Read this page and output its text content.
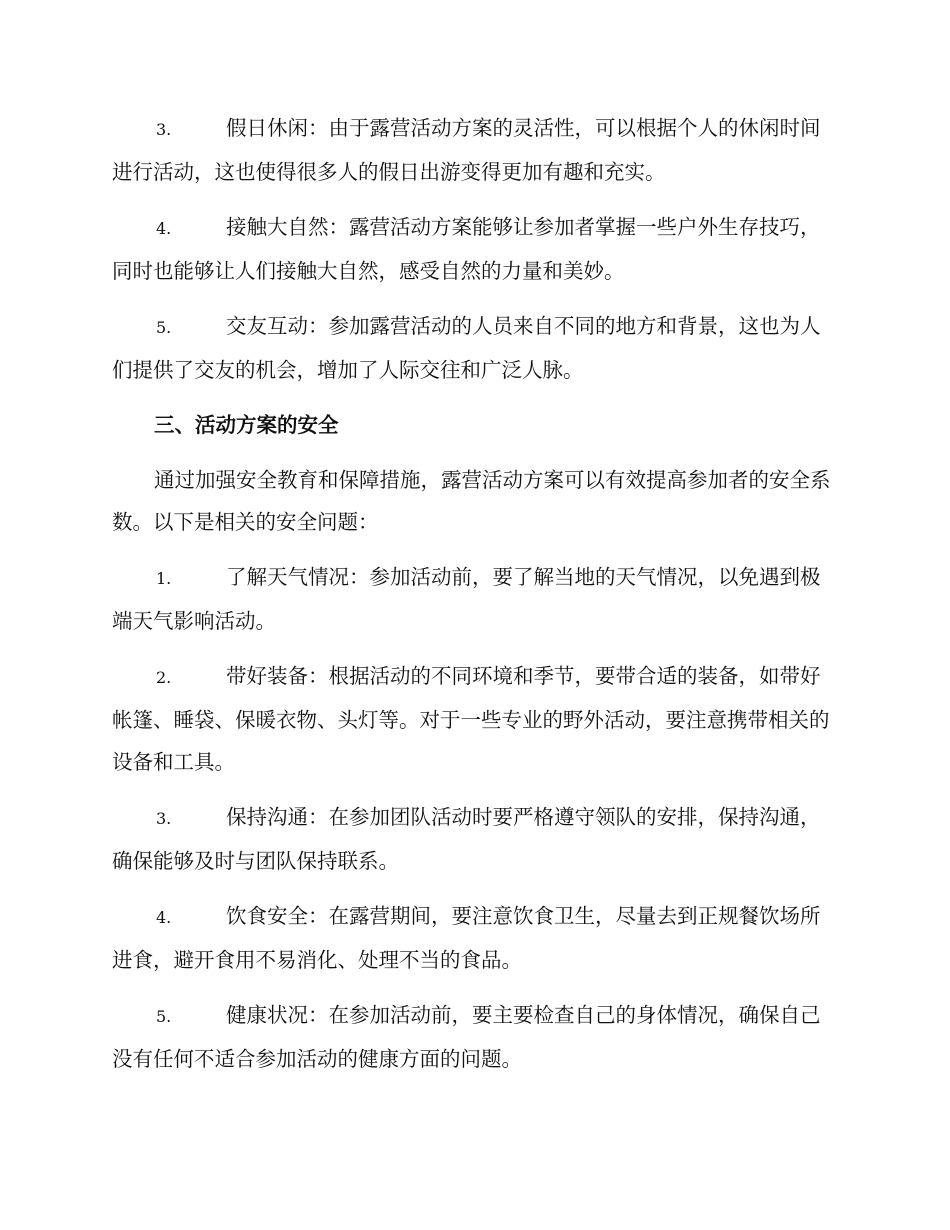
3.	假日休闲：由于露营活动方案的灵活性，可以根据个人的休闲时间进行活动，这也使得很多人的假日出游变得更加有趣和充实。

4.	接触大自然：露营活动方案能够让参加者掌握一些户外生存技巧，同时也能够让人们接触大自然，感受自然的力量和美妙。

5.	交友互动：参加露营活动的人员来自不同的地方和背景，这也为人们提供了交友的机会，增加了人际交往和广泛人脉。

三、活动方案的安全

通过加强安全教育和保障措施，露营活动方案可以有效提高参加者的安全系数。以下是相关的安全问题：

1.	了解天气情况：参加活动前，要了解当地的天气情况，以免遇到极端天气影响活动。

2.	带好装备：根据活动的不同环境和季节，要带合适的装备，如带好帐篷、睡袋、保暖衣物、头灯等。对于一些专业的野外活动，要注意携带相关的设备和工具。

3.	保持沟通：在参加团队活动时要严格遵守领队的安排，保持沟通，确保能够及时与团队保持联系。

4.	饮食安全：在露营期间，要注意饮食卫生，尽量去到正规餐饮场所进食，避开食用不易消化、处理不当的食品。

5.	健康状况：在参加活动前，要主要检查自己的身体情况，确保自己没有任何不适合参加活动的健康方面的问题。
